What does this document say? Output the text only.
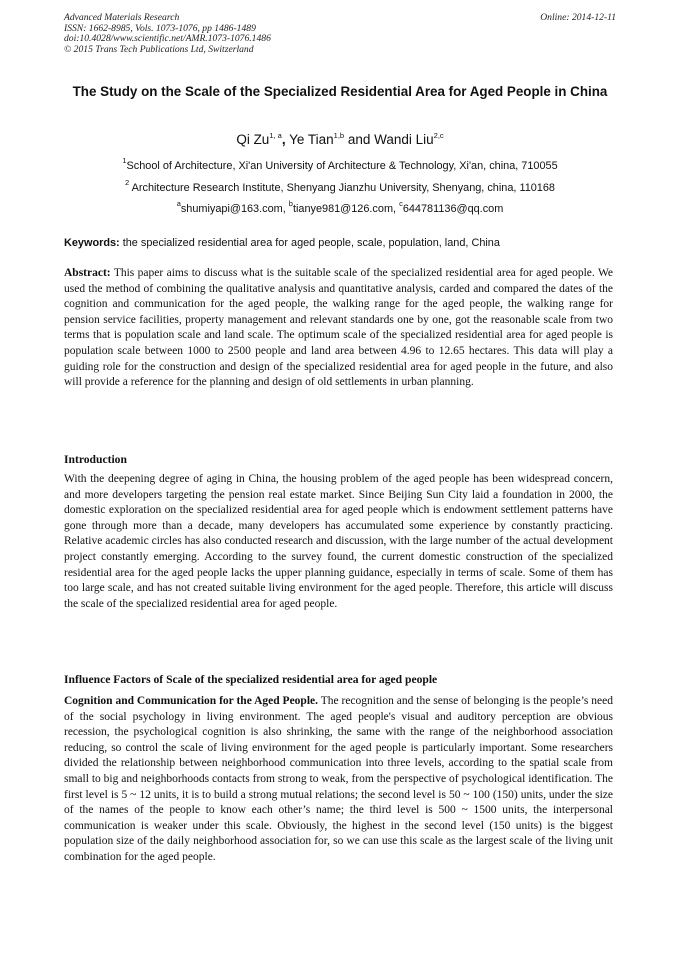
Advanced Materials Research
ISSN: 1662-8985, Vols. 1073-1076, pp 1486-1489
doi:10.4028/www.scientific.net/AMR.1073-1076.1486
© 2015 Trans Tech Publications Ltd, Switzerland
Online: 2014-12-11
The Study on the Scale of the Specialized Residential Area for Aged People in China
Qi Zu$^{1, a}$, Ye Tian$^{1,b}$ and Wandi Liu$^{2,c}$
$^1$School of Architecture, Xi'an University of Architecture & Technology, Xi'an, china, 710055
$^2$ Architecture Research Institute, Shenyang Jianzhu University, Shenyang, china, 110168
$^a$shumiyapi@163.com, $^b$tianye981@126.com, $^c$644781136@qq.com
Keywords: the specialized residential area for aged people, scale, population, land, China

Abstract: This paper aims to discuss what is the suitable scale of the specialized residential area for aged people. We used the method of combining the qualitative analysis and quantitative analysis, carded and compared the dates of the cognition and communication for the aged people, the walking range for the aged people, the walking range for pension service facilities, property management and relevant standards one by one, got the reasonable scale from two terms that is population scale and land scale. The optimum scale of the specialized residential area for aged people is population scale between 1000 to 2500 people and land area between 4.96 to 12.65 hectares. This data will play a guiding role for the construction and design of the specialized residential area for aged people in the future, and also will provide a reference for the planning and design of old settlements in urban planning.

Introduction

With the deepening degree of aging in China, the housing problem of the aged people has been widespread concern, and more developers targeting the pension real estate market. Since Beijing Sun City laid a foundation in 2000, the domestic exploration on the specialized residential area for aged people which is endowment settlement patterns have gone through more than a decade, many developers has accumulated some experience by constantly practicing. Relative academic circles has also conducted research and discussion, with the large number of the actual development project constantly emerging. According to the survey found, the current domestic construction of the specialized residential area for the aged people lacks the upper planning guidance, especially in terms of scale. Some of them has too large scale, and has not created suitable living environment for the aged people. Therefore, this article will discuss the scale of the specialized residential area for aged people.

Influence Factors of Scale of the specialized residential area for aged people

Cognition and Communication for the Aged People. The recognition and the sense of belonging is the people’s need of the social psychology in living environment. The aged people's visual and auditory perception are obvious recession, the psychological cognition is also shrinking, the same with the range of the neighborhood association reducing, so control the scale of living environment for the aged people is particularly important. Some researchers divided the relationship between neighborhood communication into three levels, according to the spatial scale from small to big and neighborhoods contacts from strong to weak, from the perspective of psychological identification. The first level is 5 ~ 12 units, it is to build a strong mutual relations; the second level is 50 ~ 100 (150) units, under the size of the names of the people to know each other’s name; the third level is 500 ~ 1500 units, the interpersonal communication is weaker under this scale. Obviously, the highest in the second level (150 units) is the biggest population size of the daily neighborhood association for, so we can use this scale as the largest scale of the living unit combination for the aged people.
